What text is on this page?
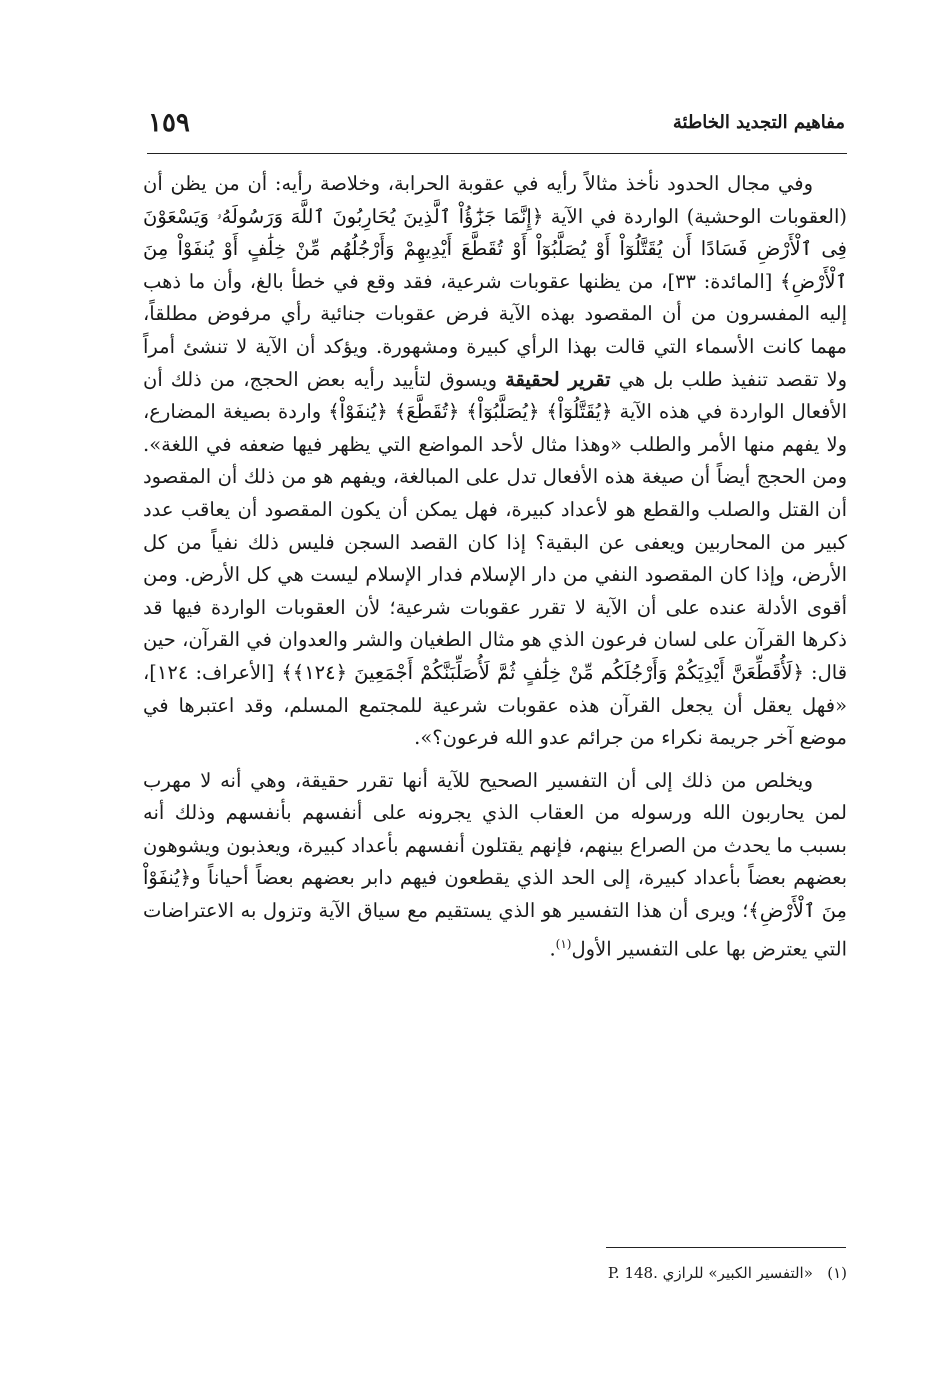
١٥٩	مفاهيم التجديد الخاطئة

وفي مجال الحدود نأخذ مثالاً رأيه في عقوبة الحرابة، وخلاصة رأيه: أن من يظن أن (العقوبات الوحشية) الواردة في الآية ﴿إِنَّمَا جَزَٰٓؤُاْ ٱلَّذِينَ يُحَارِبُونَ ٱللَّهَ وَرَسُولَهُۥ وَيَسْعَوْنَ فِى ٱلْأَرْضِ فَسَادًا أَن يُقَتَّلُوٓاْ أَوْ يُصَلَّبُوٓاْ أَوْ تُقَطَّعَ أَيْدِيهِمْ وَأَرْجُلُهُم مِّنْ خِلَٰفٍ أَوْ يُنفَوْاْ مِنَ ٱلْأَرْضِ﴾ [المائدة: ٣٣]، من يظنها عقوبات شرعية، فقد وقع في خطأ بالغ، وأن ما ذهب إليه المفسرون من أن المقصود بهذه الآية فرض عقوبات جنائية رأي مرفوض مطلقاً، مهما كانت الأسماء التي قالت بهذا الرأي كبيرة ومشهورة. ويؤكد أن الآية لا تنشئ أمراً ولا تقصد تنفيذ طلب بل هي تقرير لحقيقة ويسوق لتأييد رأيه بعض الحجج، من ذلك أن الأفعال الواردة في هذه الآية ﴿يُقَتَّلُوٓاْ﴾ ﴿يُصَلَّبُوٓاْ﴾ ﴿تُقَطَّعَ﴾ ﴿يُنفَوْاْ﴾ واردة بصيغة المضارع، ولا يفهم منها الأمر والطلب «وهذا مثال لأحد المواضع التي يظهر فيها ضعفه في اللغة». ومن الحجج أيضاً أن صيغة هذه الأفعال تدل على المبالغة، ويفهم هو من ذلك أن المقصود أن القتل والصلب والقطع هو لأعداد كبيرة، فهل يمكن أن يكون المقصود أن يعاقب عدد كبير من المحاربين ويعفى عن البقية؟ إذا كان القصد السجن فليس ذلك نفياً من كل الأرض، وإذا كان المقصود النفي من دار الإسلام فدار الإسلام ليست هي كل الأرض. ومن أقوى الأدلة عنده على أن الآية لا تقرر عقوبات شرعية؛ لأن العقوبات الواردة فيها قد ذكرها القرآن على لسان فرعون الذي هو مثال الطغيان والشر والعدوان في القرآن، حين قال: ﴿لَأُقَطِّعَنَّ أَيْدِيَكُمْ وَأَرْجُلَكُم مِّنْ خِلَٰفٍ ثُمَّ لَأُصَلِّبَنَّكُمْ أَجْمَعِينَ ﴿١٢٤﴾﴾ [الأعراف: ١٢٤]، «فهل يعقل أن يجعل القرآن هذه عقوبات شرعية للمجتمع المسلم، وقد اعتبرها في موضع آخر جريمة نكراء من جرائم عدو الله فرعون؟».

ويخلص من ذلك إلى أن التفسير الصحيح للآية أنها تقرر حقيقة، وهي أنه لا مهرب لمن يحاربون الله ورسوله من العقاب الذي يجرونه على أنفسهم بأنفسهم وذلك أنه بسبب ما يحدث من الصراع بينهم، فإنهم يقتلون أنفسهم بأعداد كبيرة، ويعذبون ويشوهون بعضهم بعضاً بأعداد كبيرة، إلى الحد الذي يقطعون فيهم دابر بعضهم بعضاً أحياناً و﴿يُنفَوْاْ مِنَ ٱلْأَرْضِ﴾؛ ويرى أن هذا التفسير هو الذي يستقيم مع سياق الآية وتزول به الاعتراضات التي يعترض بها على التفسير الأول$^{(١)}$.

(١)   «التفسير الكبير» للرازي P. 148.
